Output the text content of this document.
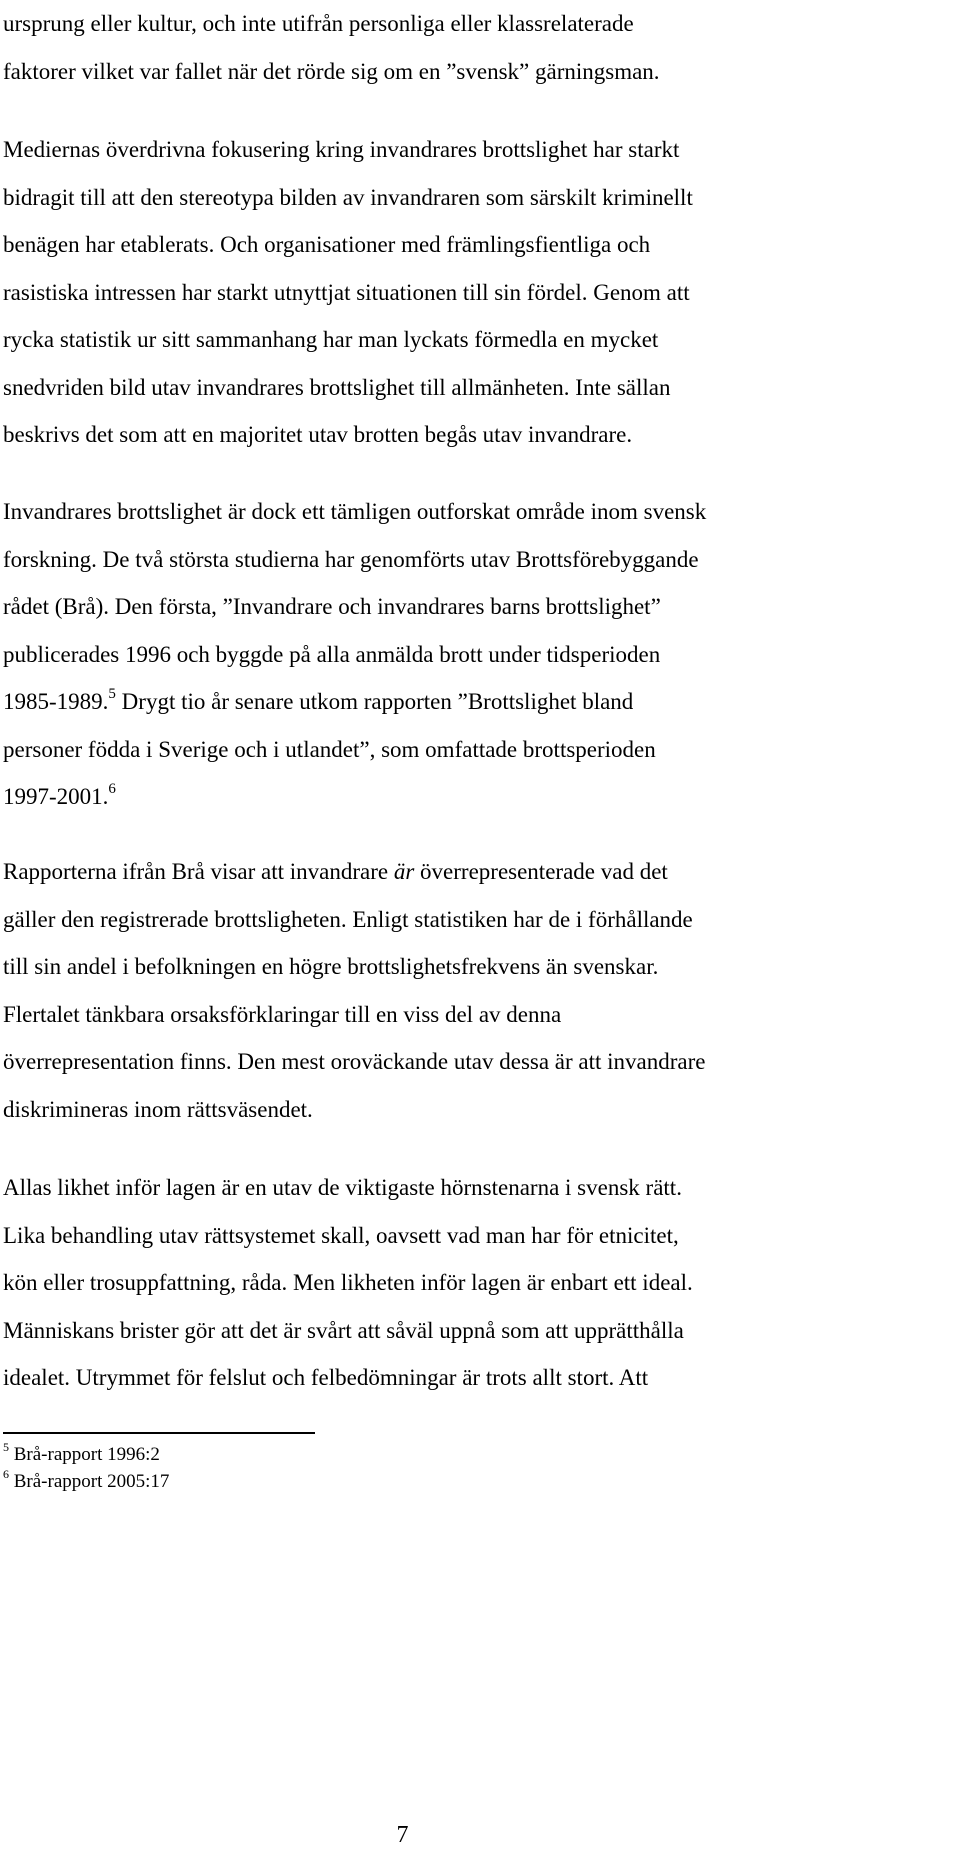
ursprung eller kultur, och inte utifrån personliga eller klassrelaterade
faktorer vilket var fallet när det rörde sig om en ”svensk” gärningsman.
Mediernas överdrivna fokusering kring invandrares brottslighet har starkt
bidragit till att den stereotypa bilden av invandraren som särskilt kriminellt
benägen har etablerats. Och organisationer med främlingsfientliga och
rasistiska intressen har starkt utnyttjat situationen till sin fördel. Genom att
rycka statistik ur sitt sammanhang har man lyckats förmedla en mycket
snedvriden bild utav invandrares brottslighet till allmänheten. Inte sällan
beskrivs det som att en majoritet utav brotten begås utav invandrare.
Invandrares brottslighet är dock ett tämligen outforskat område inom svensk
forskning. De två största studierna har genomförts utav Brottsförebyggande
rådet (Brå). Den första, ”Invandrare och invandrares barns brottslighet”
publicerades 1996 och byggde på alla anmälda brott under tidsperioden
1985-1989.$^5$ Drygt tio år senare utkom rapporten ”Brottslighet bland
personer födda i Sverige och i utlandet”, som omfattade brottsperioden
1997-2001.$^6$
Rapporterna ifrån Brå visar att invandrare är överrepresenterade vad det
gäller den registrerade brottsligheten. Enligt statistiken har de i förhållande
till sin andel i befolkningen en högre brottslighetsfrekvens än svenskar.
Flertalet tänkbara orsaksförklaringar till en viss del av denna
överrepresentation finns. Den mest oroväckande utav dessa är att invandrare
diskrimineras inom rättsväsendet.
Allas likhet inför lagen är en utav de viktigaste hörnstenarna i svensk rätt.
Lika behandling utav rättsystemet skall, oavsett vad man har för etnicitet,
kön eller trosuppfattning, råda. Men likheten inför lagen är enbart ett ideal.
Människans brister gör att det är svårt att såväl uppnå som att upprätthålla
idealet. Utrymmet för felslut och felbedömningar är trots allt stort. Att
$^5$ Brå-rapport 1996:2
$^6$ Brå-rapport 2005:17
7
